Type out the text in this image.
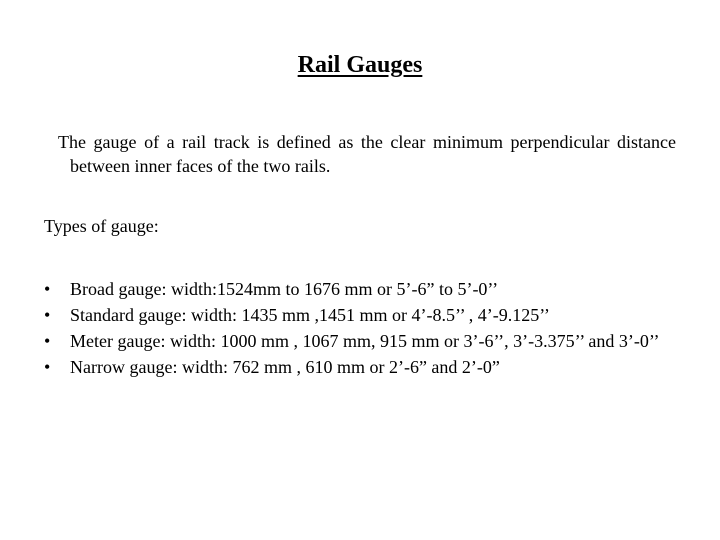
Rail Gauges

The gauge of a rail track is defined as the clear minimum perpendicular distance between inner faces of the two rails.

Types of gauge:

• Broad gauge: width:1524mm to 1676 mm or 5’-6” to 5’-0’’
• Standard gauge: width: 1435 mm ,1451 mm or 4’-8.5’’ , 4’-9.125’’
• Meter gauge: width: 1000 mm , 1067 mm, 915 mm or 3’-6’’, 3’-3.375’’ and 3’-0’’
• Narrow gauge: width: 762 mm , 610 mm or 2’-6” and 2’-0”
